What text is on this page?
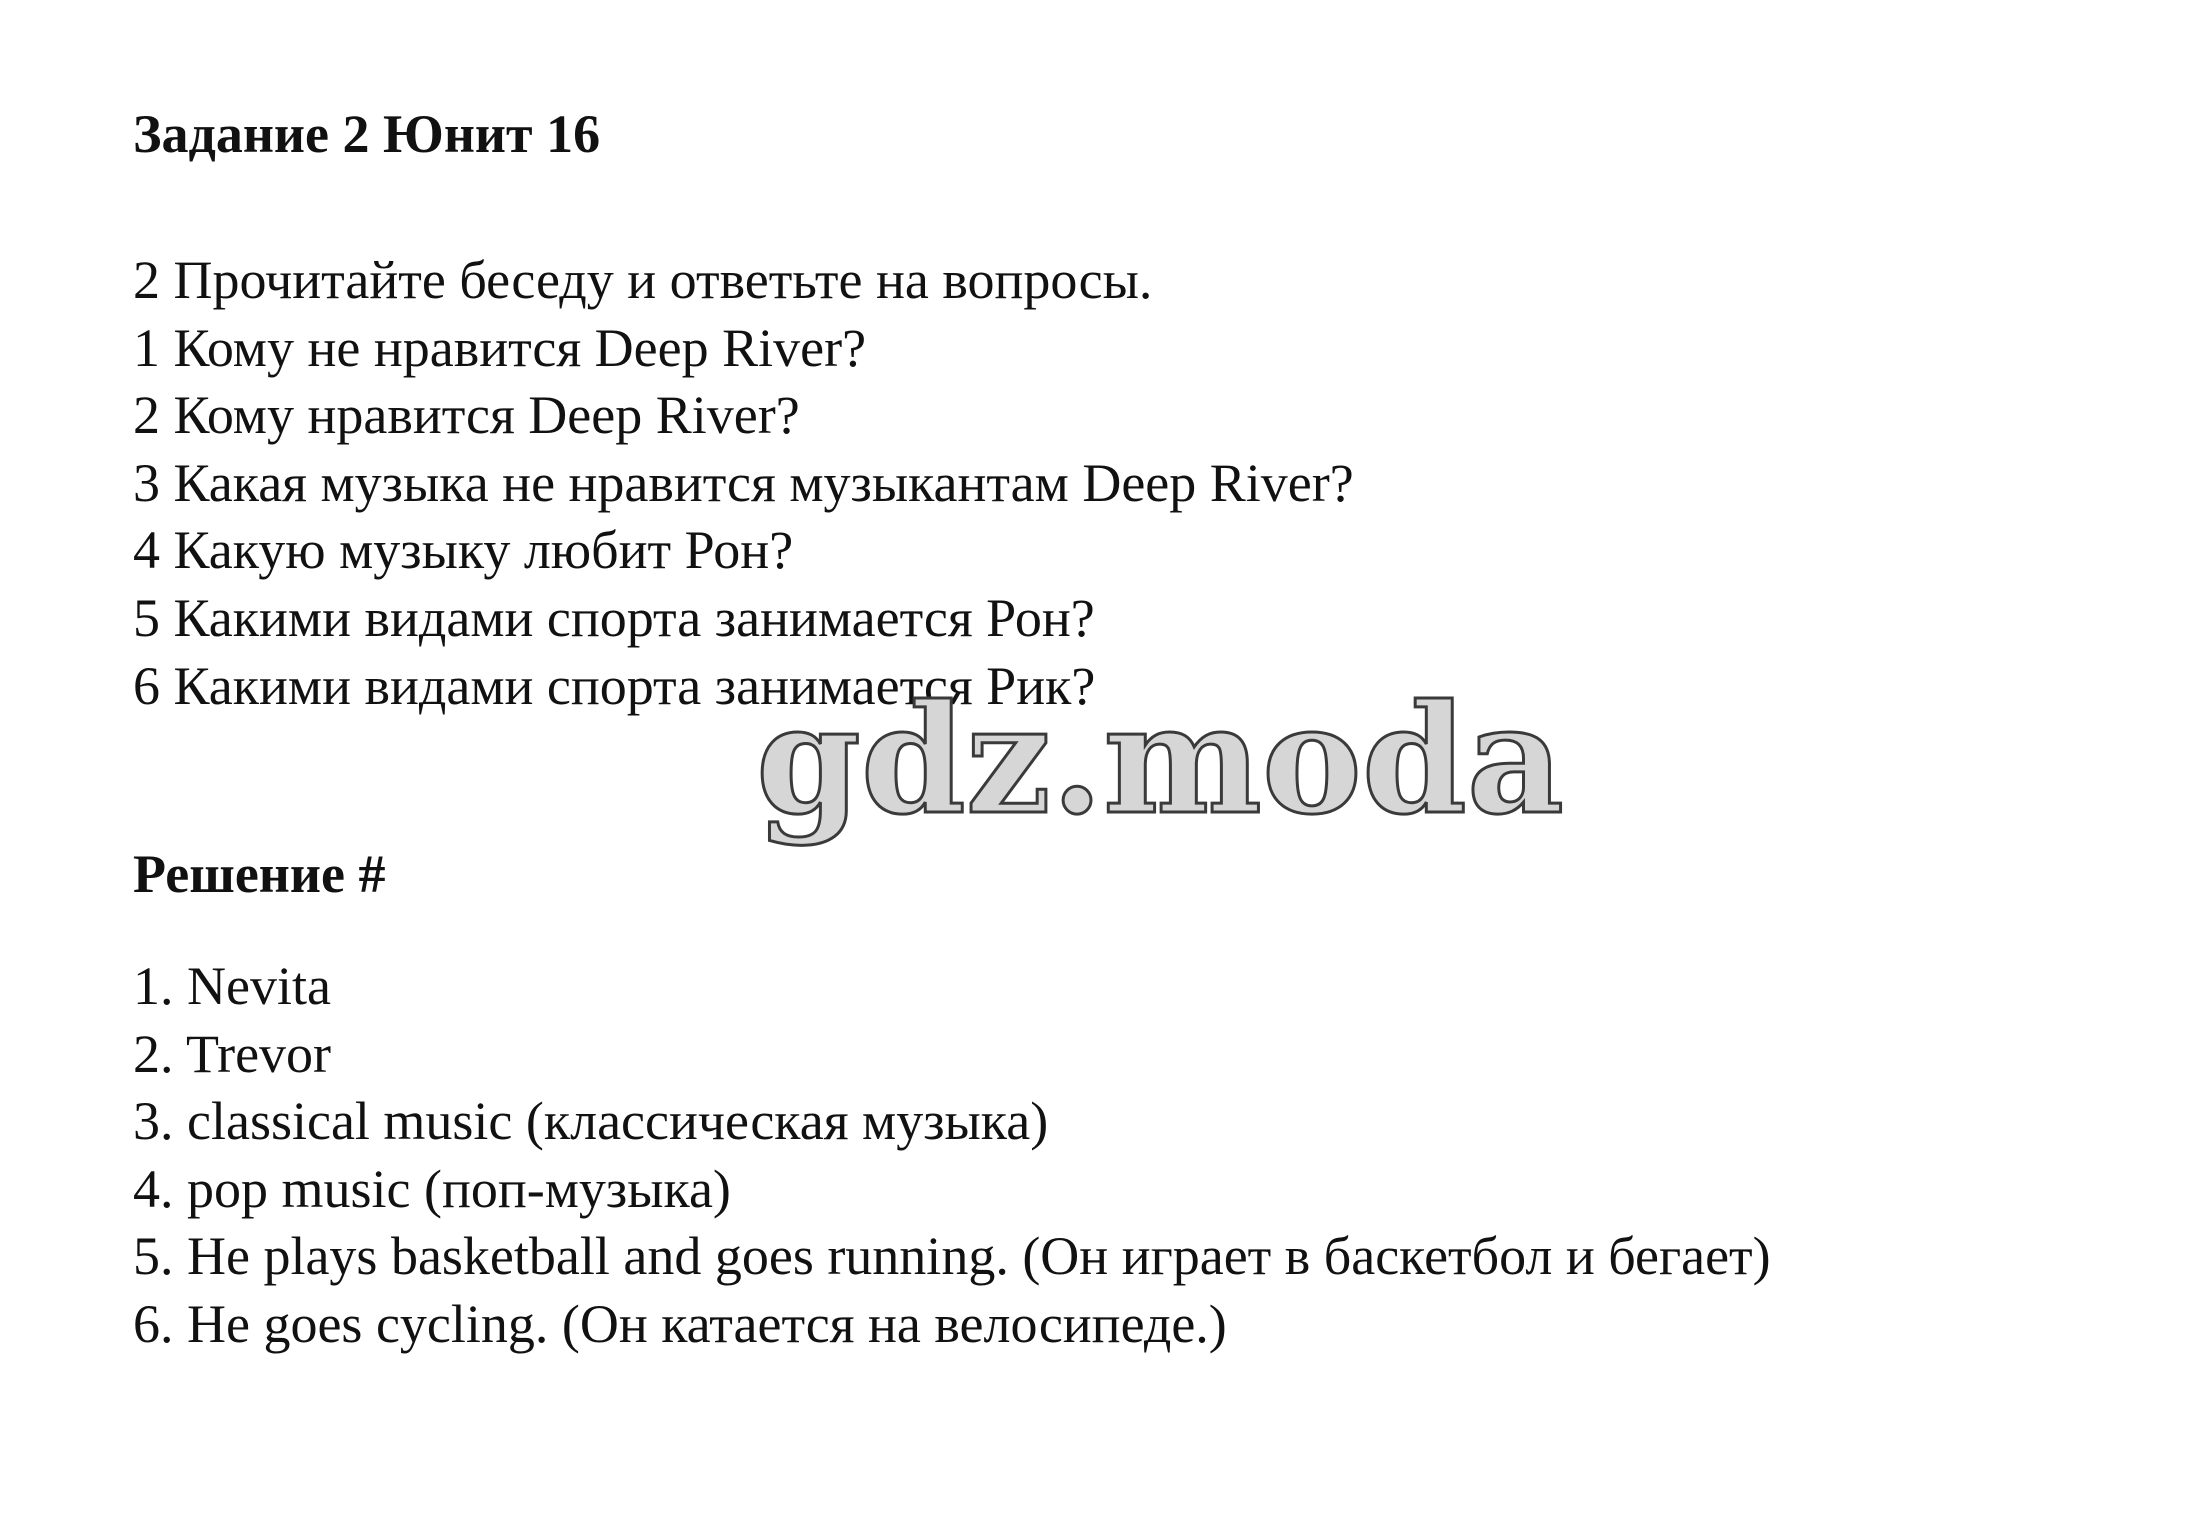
Задание 2 Юнит 16
2 Прочитайте беседу и ответьте на вопросы.
1 Кому не нравится Deep River?
2 Кому нравится Deep River?
3 Какая музыка не нравится музыкантам Deep River?
4 Какую музыку любит Рон?
5 Какими видами спорта занимается Рон?
6 Какими видами спорта занимается Рик?
gdz.moda
Решение #
1. Nevita
2. Trevor
3. classical music (классическая музыка)
4. pop music (поп-музыка)
5. He plays basketball and goes running. (Он играет в баскетбол и бегает)
6. He goes cycling. (Он катается на велосипеде.)
